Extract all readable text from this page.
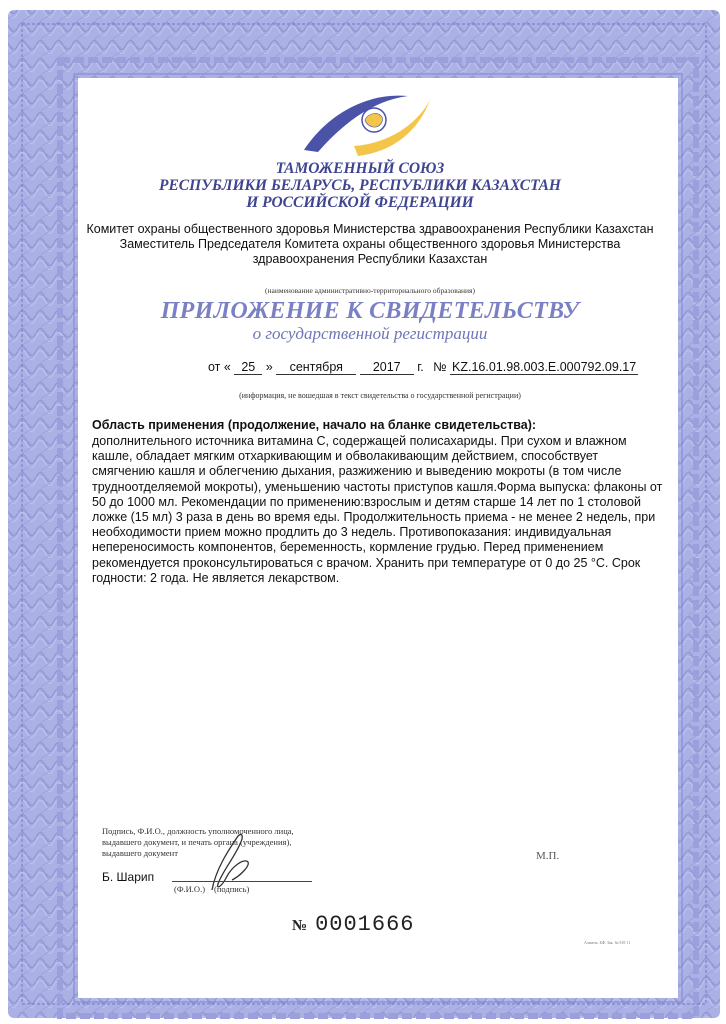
ТАМОЖЕННЫЙ СОЮЗ
РЕСПУБЛИКИ БЕЛАРУСЬ, РЕСПУБЛИКИ КАЗАХСТАН
И РОССИЙСКОЙ ФЕДЕРАЦИИ
Комитет охраны общественного здоровья Министерства здравоохранения Республики Казахстан
Заместитель Председателя Комитета охраны общественного здоровья Министерства
здравоохранения Республики Казахстан
(наименование административно-территориального образования)
ПРИЛОЖЕНИЕ К СВИДЕТЕЛЬСТВУ
о государственной регистрации
от « 25 » сентября 2017 г. № KZ.16.01.98.003.E.000792.09.17
(информация, не вошедшая в текст свидетельства о государственной регистрации)
Область применения (продолжение, начало на бланке свидетельства):
дополнительного источника витамина С, содержащей полисахариды. При сухом и влажном
кашле, обладает мягким отхаркивающим и обволакивающим действием, способствует
смягчению кашля и облегчению дыхания, разжижению и выведению мокроты (в том числе
трудноотделяемой мокроты), уменьшению частоты приступов кашля.Форма выпуска: флаконы от
50 до 1000 мл. Рекомендации по применению:взрослым и детям старше 14 лет по 1 столовой
ложке (15 мл) 3 раза в день во время еды. Продолжительность приема - не менее 2 недель, при
необходимости прием можно продлить до 3 недель. Противопоказания: индивидуальная
непереносимость компонентов, беременность, кормление грудью. Перед применением
рекомендуется проконсультироваться с врачом. Хранить при температуре от 0 до 25 °С. Срок
годности: 2 года. Не является лекарством.
Подпись, Ф.И.О., должность уполномоченного лица,
выдавшего документ, и печать органа (учреждения),
выдавшего документ
Б. Шарип
(Ф.И.О.) (подпись)
М.П.
№ 0001666
Алматы, БФ. Зак. № 918 11
